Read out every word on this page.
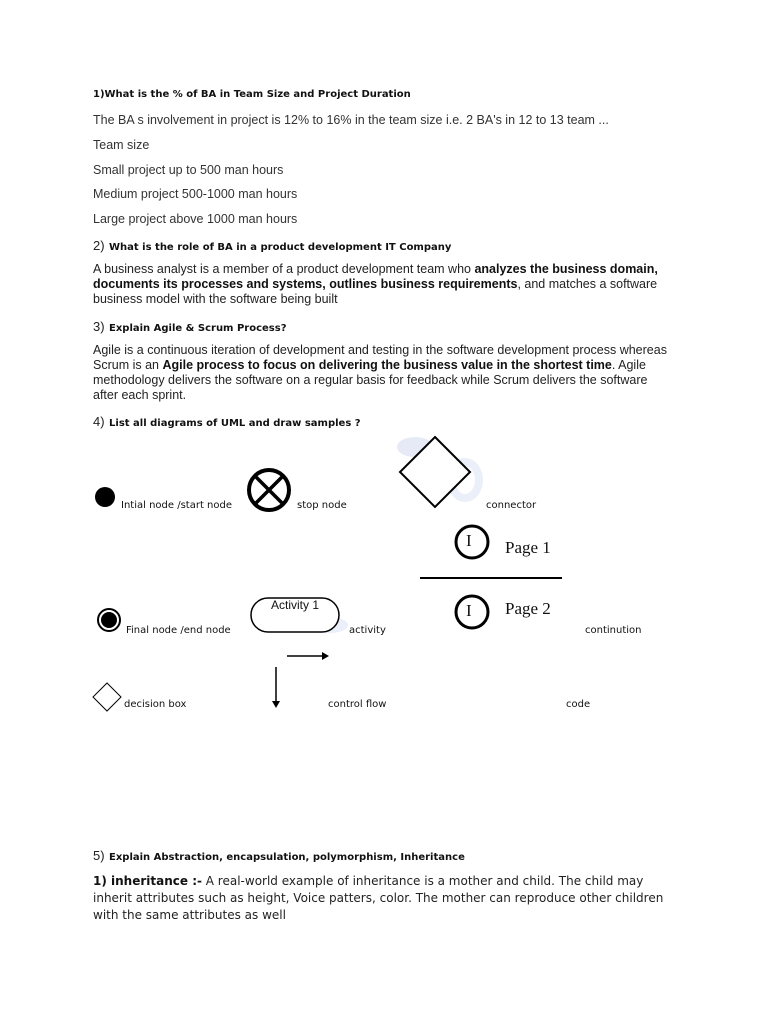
1)What is the % of BA in Team Size and Project Duration
The BA s involvement in project is 12% to 16% in the team size i.e. 2 BA's in 12 to 13 team ...
Team size
Small project up to 500 man hours
Medium project 500-1000 man hours
Large project above 1000 man hours
2) What is the role of BA in a product development IT Company
A business analyst is a member of a product development team who analyzes the business domain, documents its processes and systems, outlines business requirements, and matches a software business model with the software being built
3) Explain Agile & Scrum Process?
Agile is a continuous iteration of development and testing in the software development process whereas Scrum is an Agile process to focus on delivering the business value in the shortest time. Agile methodology delivers the software on a regular basis for feedback while Scrum delivers the software after each sprint.
4) List all diagrams of UML and draw samples ?
Intial node /start node	stop node	connector
I Page 1
I Page 2
Activity 1
Final node /end node	activity	continution
decision box	control flow	code
5) Explain Abstraction, encapsulation, polymorphism, Inheritance
1) inheritance :- A real-world example of inheritance is a mother and child. The child may inherit attributes such as height, Voice patters, color. The mother can reproduce other children with the same attributes as well
